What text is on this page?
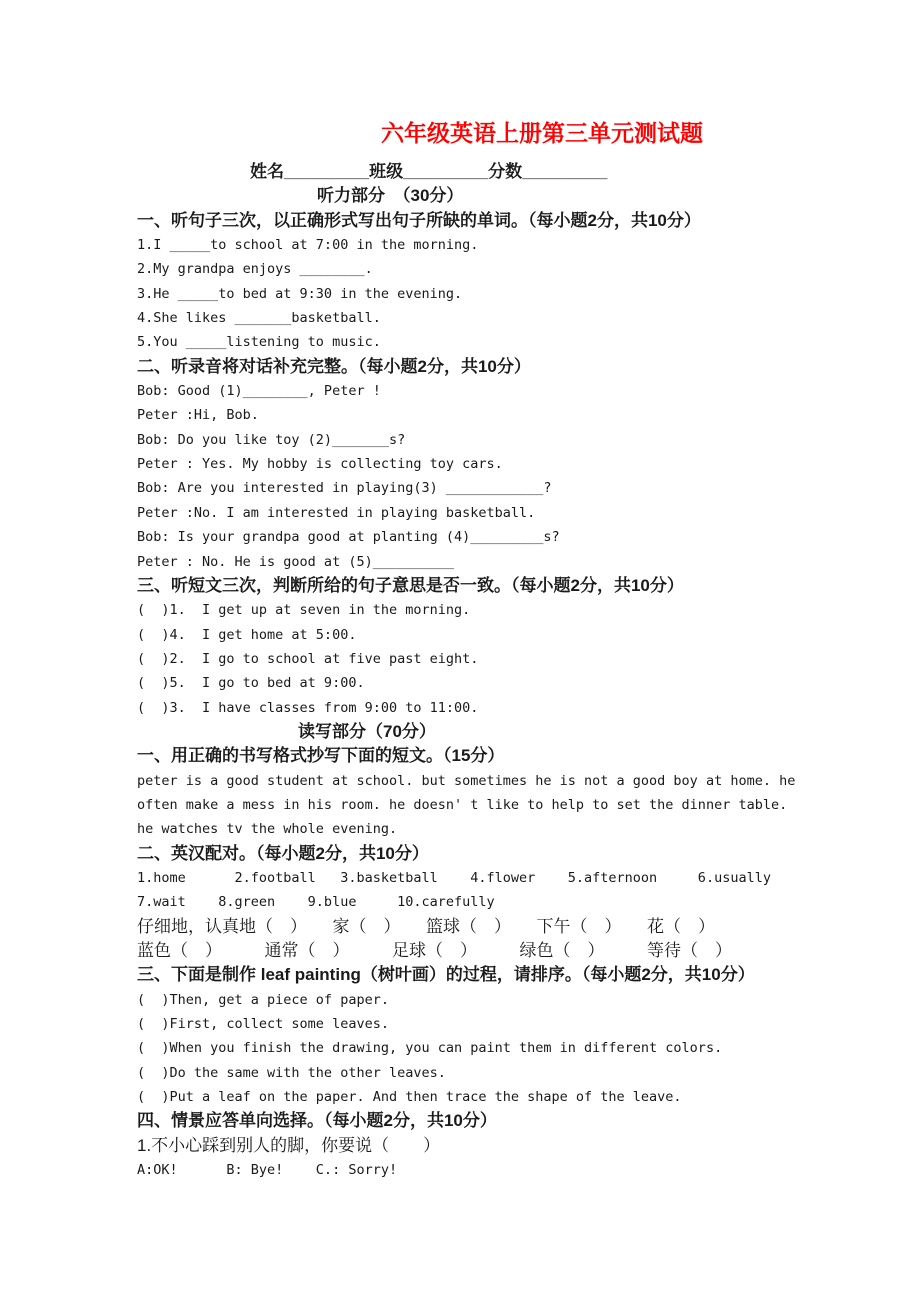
六年级英语上册第三单元测试题
姓名_________班级_________分数_________
听力部分　（30分）
一、听句子三次，以正确形式写出句子所缺的单词。（每小题2分，共10分）
1.I _____to school at 7:00 in the morning.
2.My grandpa enjoys ________.
3.He _____to bed at 9:30 in the evening.
4.She likes _______basketball.
5.You _____listening to music.
二、听录音将对话补充完整。（每小题2分，共10分）
Bob: Good (1)________, Peter !
Peter :Hi, Bob.
Bob: Do you like toy (2)_______s?
Peter : Yes. My hobby is collecting toy cars.
Bob: Are you interested in playing(3) ____________?
Peter :No. I am interested in playing basketball.
Bob: Is your grandpa good at planting (4)_________s?
Peter : No. He is good at (5)__________
三、听短文三次，判断所给的句子意思是否一致。（每小题2分，共10分）
(  )1.  I get up at seven in the morning.
(  )4.  I get home at 5:00.
(  )2.  I go to school at five past eight.
(  )5.  I go to bed at 9:00.
(  )3.  I have classes from 9:00 to 11:00.
读写部分（70分）
一、用正确的书写格式抄写下面的短文。（15分）
peter is a good student at school. but sometimes he is not a good boy at home. he
often make a mess in his room. he doesn' t like to help to set the dinner table.
he watches tv the whole evening.
二、英汉配对。（每小题2分，共10分）
1.home      2.football   3.basketball    4.flower    5.afternoon     6.usually
7.wait    8.green    9.blue     10.carefully
仔细地，认真地（　）　　家（　）　　篮球（　）　　下午（　）　　花（　）
蓝色（　）　　　通常（　）　　　足球（　）　　　绿色（　）　　　等待（　）
三、下面是制作 leaf painting（树叶画）的过程，请排序。（每小题2分，共10分）
(  )Then, get a piece of paper.
(  )First, collect some leaves.
(  )When you finish the drawing, you can paint them in different colors.
(  )Do the same with the other leaves.
(  )Put a leaf on the paper. And then trace the shape of the leave.
四、情景应答单向选择。（每小题2分，共10分）
1.不小心踩到别人的脚，你要说（　　）
A:OK!      B: Bye!    C.: Sorry!
